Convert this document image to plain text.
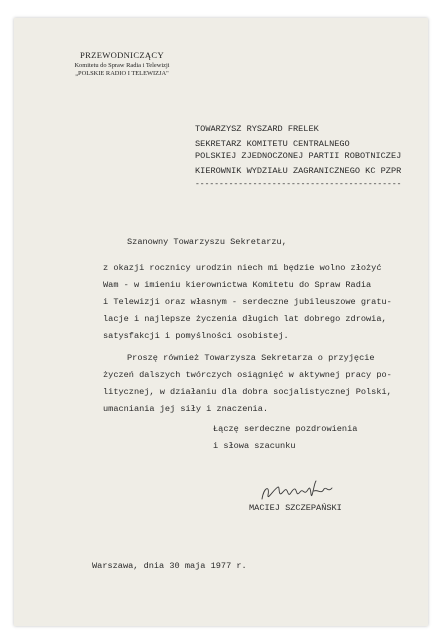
PRZEWODNICZĄCY
Komitetu do Spraw Radia i Telewizji
„POLSKIE RADIO I TELEWIZJA"
TOWARZYSZ RYSZARD FRELEK
SEKRETARZ KOMITETU CENTRALNEGO
POLSKIEJ ZJEDNOCZONEJ PARTII ROBOTNICZEJ
KIEROWNIK WYDZIAŁU ZAGRANICZNEGO KC PZPR
-------------------------------------------
Szanowny Towarzyszu Sekretarzu,
z okazji rocznicy urodzin niech mi będzie wolno złożyć
Wam - w imieniu kierownictwa Komitetu do Spraw Radia
i Telewizji oraz własnym - serdeczne jubileuszowe gratu-
lacje i najlepsze życzenia długich lat dobrego zdrowia,
satysfakcji i pomyślności osobistej.
Proszę również Towarzysza Sekretarza o przyjęcie
życzeń dalszych twórczych osiągnięć w aktywnej pracy po-
litycznej, w działaniu dla dobra socjalistycznej Polski,
umacniania jej siły i znaczenia.
Łączę serdeczne pozdrowienia
i słowa szacunku
MACIEJ SZCZEPAŃSKI
Warszawa, dnia 30 maja 1977 r.
